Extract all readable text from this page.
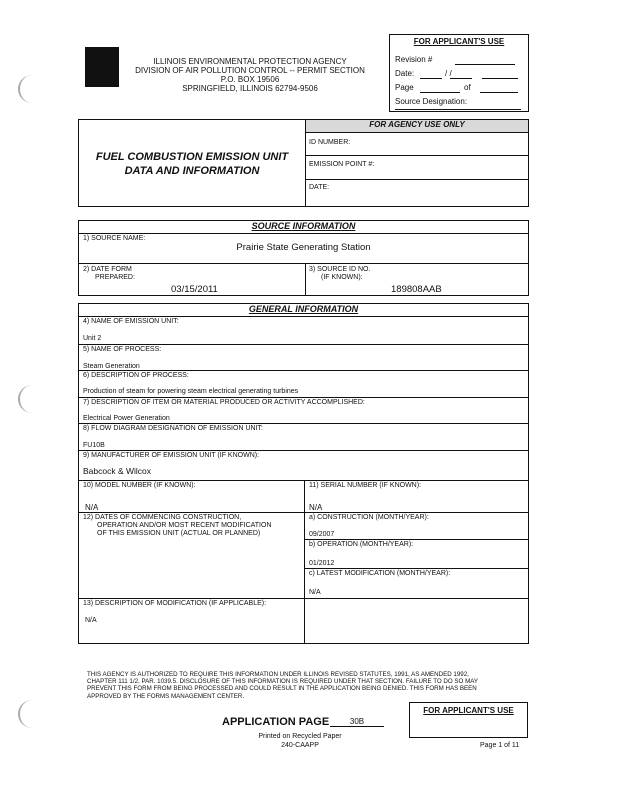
ILLINOIS ENVIRONMENTAL PROTECTION AGENCY
DIVISION OF AIR POLLUTION CONTROL -- PERMIT SECTION
P.O. BOX 19506
SPRINGFIELD, ILLINOIS 62794-9506
FOR APPLICANT'S USE
Revision #
Date:	/ /
Page	of
Source Designation:
FUEL COMBUSTION EMISSION UNIT
DATA AND INFORMATION
FOR AGENCY USE ONLY
ID NUMBER:
EMISSION POINT #:
DATE:
SOURCE INFORMATION
1) SOURCE NAME:
Prairie State Generating Station
2) DATE FORM
PREPARED:
03/15/2011
3) SOURCE ID NO.
(IF KNOWN):
189808AAB
GENERAL INFORMATION
4) NAME OF EMISSION UNIT:
Unit 2
5) NAME OF PROCESS:
Steam Generation
6) DESCRIPTION OF PROCESS:
Production of steam for powering steam electrical generating turbines
7) DESCRIPTION OF ITEM OR MATERIAL PRODUCED OR ACTIVITY ACCOMPLISHED:
Electrical Power Generation
8) FLOW DIAGRAM DESIGNATION OF EMISSION UNIT:
FU10B
9) MANUFACTURER OF EMISSION UNIT (IF KNOWN):
Babcock & Wilcox
10) MODEL NUMBER (IF KNOWN):
N/A
11) SERIAL NUMBER (IF KNOWN):
N/A
12) DATES OF COMMENCING CONSTRUCTION,
OPERATION AND/OR MOST RECENT MODIFICATION
OF THIS EMISSION UNIT (ACTUAL OR PLANNED)
a) CONSTRUCTION (MONTH/YEAR):
09/2007
b) OPERATION (MONTH/YEAR):
01/2012
c) LATEST MODIFICATION (MONTH/YEAR):
N/A
13) DESCRIPTION OF MODIFICATION (IF APPLICABLE):
N/A
THIS AGENCY IS AUTHORIZED TO REQUIRE THIS INFORMATION UNDER ILLINOIS REVISED STATUTES, 1991, AS AMENDED 1992,
CHAPTER 111 1/2, PAR. 1039.5. DISCLOSURE OF THIS INFORMATION IS REQUIRED UNDER THAT SECTION. FAILURE TO DO SO MAY
PREVENT THIS FORM FROM BEING PROCESSED AND COULD RESULT IN THE APPLICATION BEING DENIED. THIS FORM HAS BEEN
APPROVED BY THE FORMS MANAGEMENT CENTER.
APPLICATION PAGE	30B
Printed on Recycled Paper
240-CAAPP
FOR APPLICANT'S USE
Page 1 of 11
